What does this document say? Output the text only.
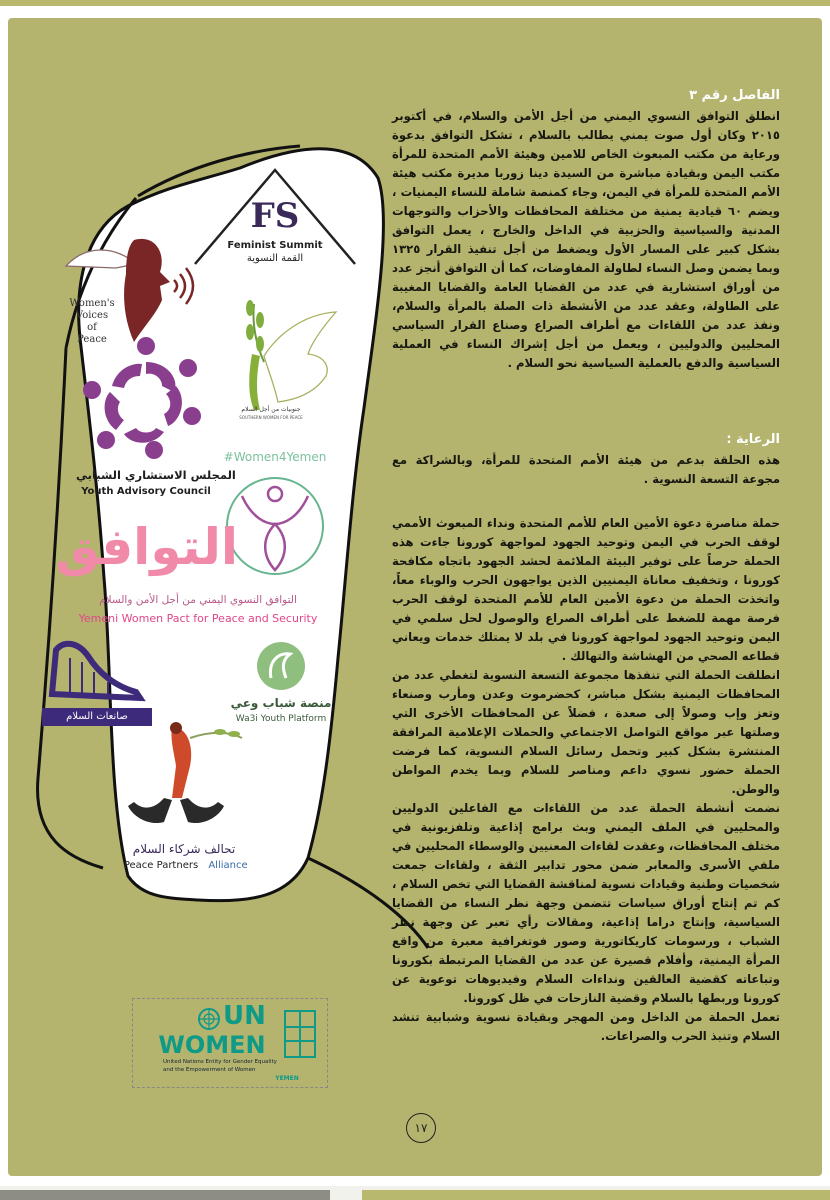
FS
Feminist Summit
القمة النسوية
Women's
Voices
of
Peace
جنوبيات من أجل السلام
SOUTHERN WOMEN FOR PEACE
المجلس الاستشاري الشبابي
Youth Advisory Council
#Women4Yemen
التوافق
التوافق النسوي اليمني من أجل الأمن والسلام
Yemeni Women Pact for Peace and Security
صانعات السلام
منصة شباب وعي
Wa3i Youth Platform
تحالف شركاء السلام
Peace Partners	Alliance
UN
WOMEN
United Nations Entity for Gender Equality
and the Empowerment of Women
YEMEN
الفاصل رقم ٣

انطلق التوافق النسوي اليمني من أجل الأمن والسلام، في أكتوبر ٢٠١٥ وكان أول صوت يمني يطالب بالسلام ، تشكل التوافق بدعوة ورعاية من مكتب المبعوث الخاص للامين وهيئة الأمم المتحدة للمرأة مكتب اليمن وبقيادة مباشرة من السيدة دينا زوربا مديرة مكتب هيئة الأمم المتحدة للمرأة في اليمن، وجاء كمنصة شاملة للنساء اليمنيات ، ويضم ٦٠ قيادية يمنية من مختلفة المحافظات والأحزاب والتوجهات المدنية والسياسية والحزبية في الداخل والخارج ، يعمل التوافق بشكل كبير على المسار الأول ويضغط من أجل تنفيذ القرار ١٣٢٥ وبما يضمن وصل النساء لطاولة المفاوضات، كما أن التوافق أنجز عدد من أوراق استشارية في عدد من القضايا العامة والقضايا المغيبة على الطاولة، وعقد عدد من الأنشطة ذات الصلة بالمرأة والسلام، ونفذ عدد من اللقاءات مع أطراف الصراع وصناع القرار السياسي المحليين والدوليين ، ويعمل من أجل إشراك النساء في العملية السياسية والدفع بالعملية السياسية نحو السلام .

الرعاية :

هذه الحلقة بدعم من هيئة الأمم المتحدة للمرأة، وبالشراكة مع مجوعة التسعة النسوية .

حملة مناصرة دعوة الأمين العام للأمم المتحدة ونداء المبعوث الأممي لوقف الحرب في اليمن وتوحيد الجهود لمواجهة كورونا جاءت هذه الحملة حرصاً على توفير البيئة الملائمة لحشد الجهود باتجاه مكافحة كورونا ، وتخفيف معاناة اليمنيين الذين يواجهون الحرب والوباء معاً، واتخذت الحملة من دعوة الأمين العام للأمم المتحدة لوقف الحرب فرصة مهمة للضغط على أطراف الصراع والوصول لحل سلمي في اليمن وتوحيد الجهود لمواجهة كورونا في بلد لا يمتلك خدمات ويعاني قطاعه الصحي من الهشاشة والتهالك .

انطلقت الحملة التي تنفذها مجموعة التسعة النسوية لتغطي عدد من المحافظات اليمنية بشكل مباشر، كحضرموت وعدن ومأرب وصنعاء وتعز وإب وصولاً إلى صعدة ، فضلاً عن المحافظات الأخرى التي وصلتها عبر مواقع التواصل الاجتماعي والحملات الإعلامية المرافقة المنتشرة بشكل كبير وتحمل رسائل السلام النسوية، كما فرضت الحملة حضور نسوي داعم ومناصر للسلام وبما يخدم المواطن والوطن.

نضمت أنشطة الحملة عدد من اللقاءات مع الفاعلين الدوليين والمحليين في الملف اليمني وبث برامج إذاعية وتلفزيونية في مختلف المحافظات، وعقدت لقاءات المعنيين والوسطاء المحليين في ملفي الأسرى والمعابر ضمن محور تدابير الثقة ، ولقاءات جمعت شخصيات وطنية وقيادات نسوية لمناقشة القضايا التي تخص السلام ، كم تم إنتاج أوراق سياسات تتضمن وجهة نظر النساء من القضايا السياسية، وإنتاج دراما إذاعية، ومقالات رأي تعبر عن وجهة نظر الشباب ، ورسومات كاريكاتورية وصور فوتغرافية معبرة من واقع المرأة اليمنية، وأفلام قصيرة عن عدد من القضايا المرتبطة بكورونا وتباعاته كقضية العالقين ونداءات السلام وفيديوهات توعوية عن كورونا وربطها بالسلام وقضية النازحات في ظل كورونا.

تعمل الحملة من الداخل ومن المهجر وبقيادة نسوية وشبابية تنشد السلام وتنبذ الحرب والصراعات.

١٧
